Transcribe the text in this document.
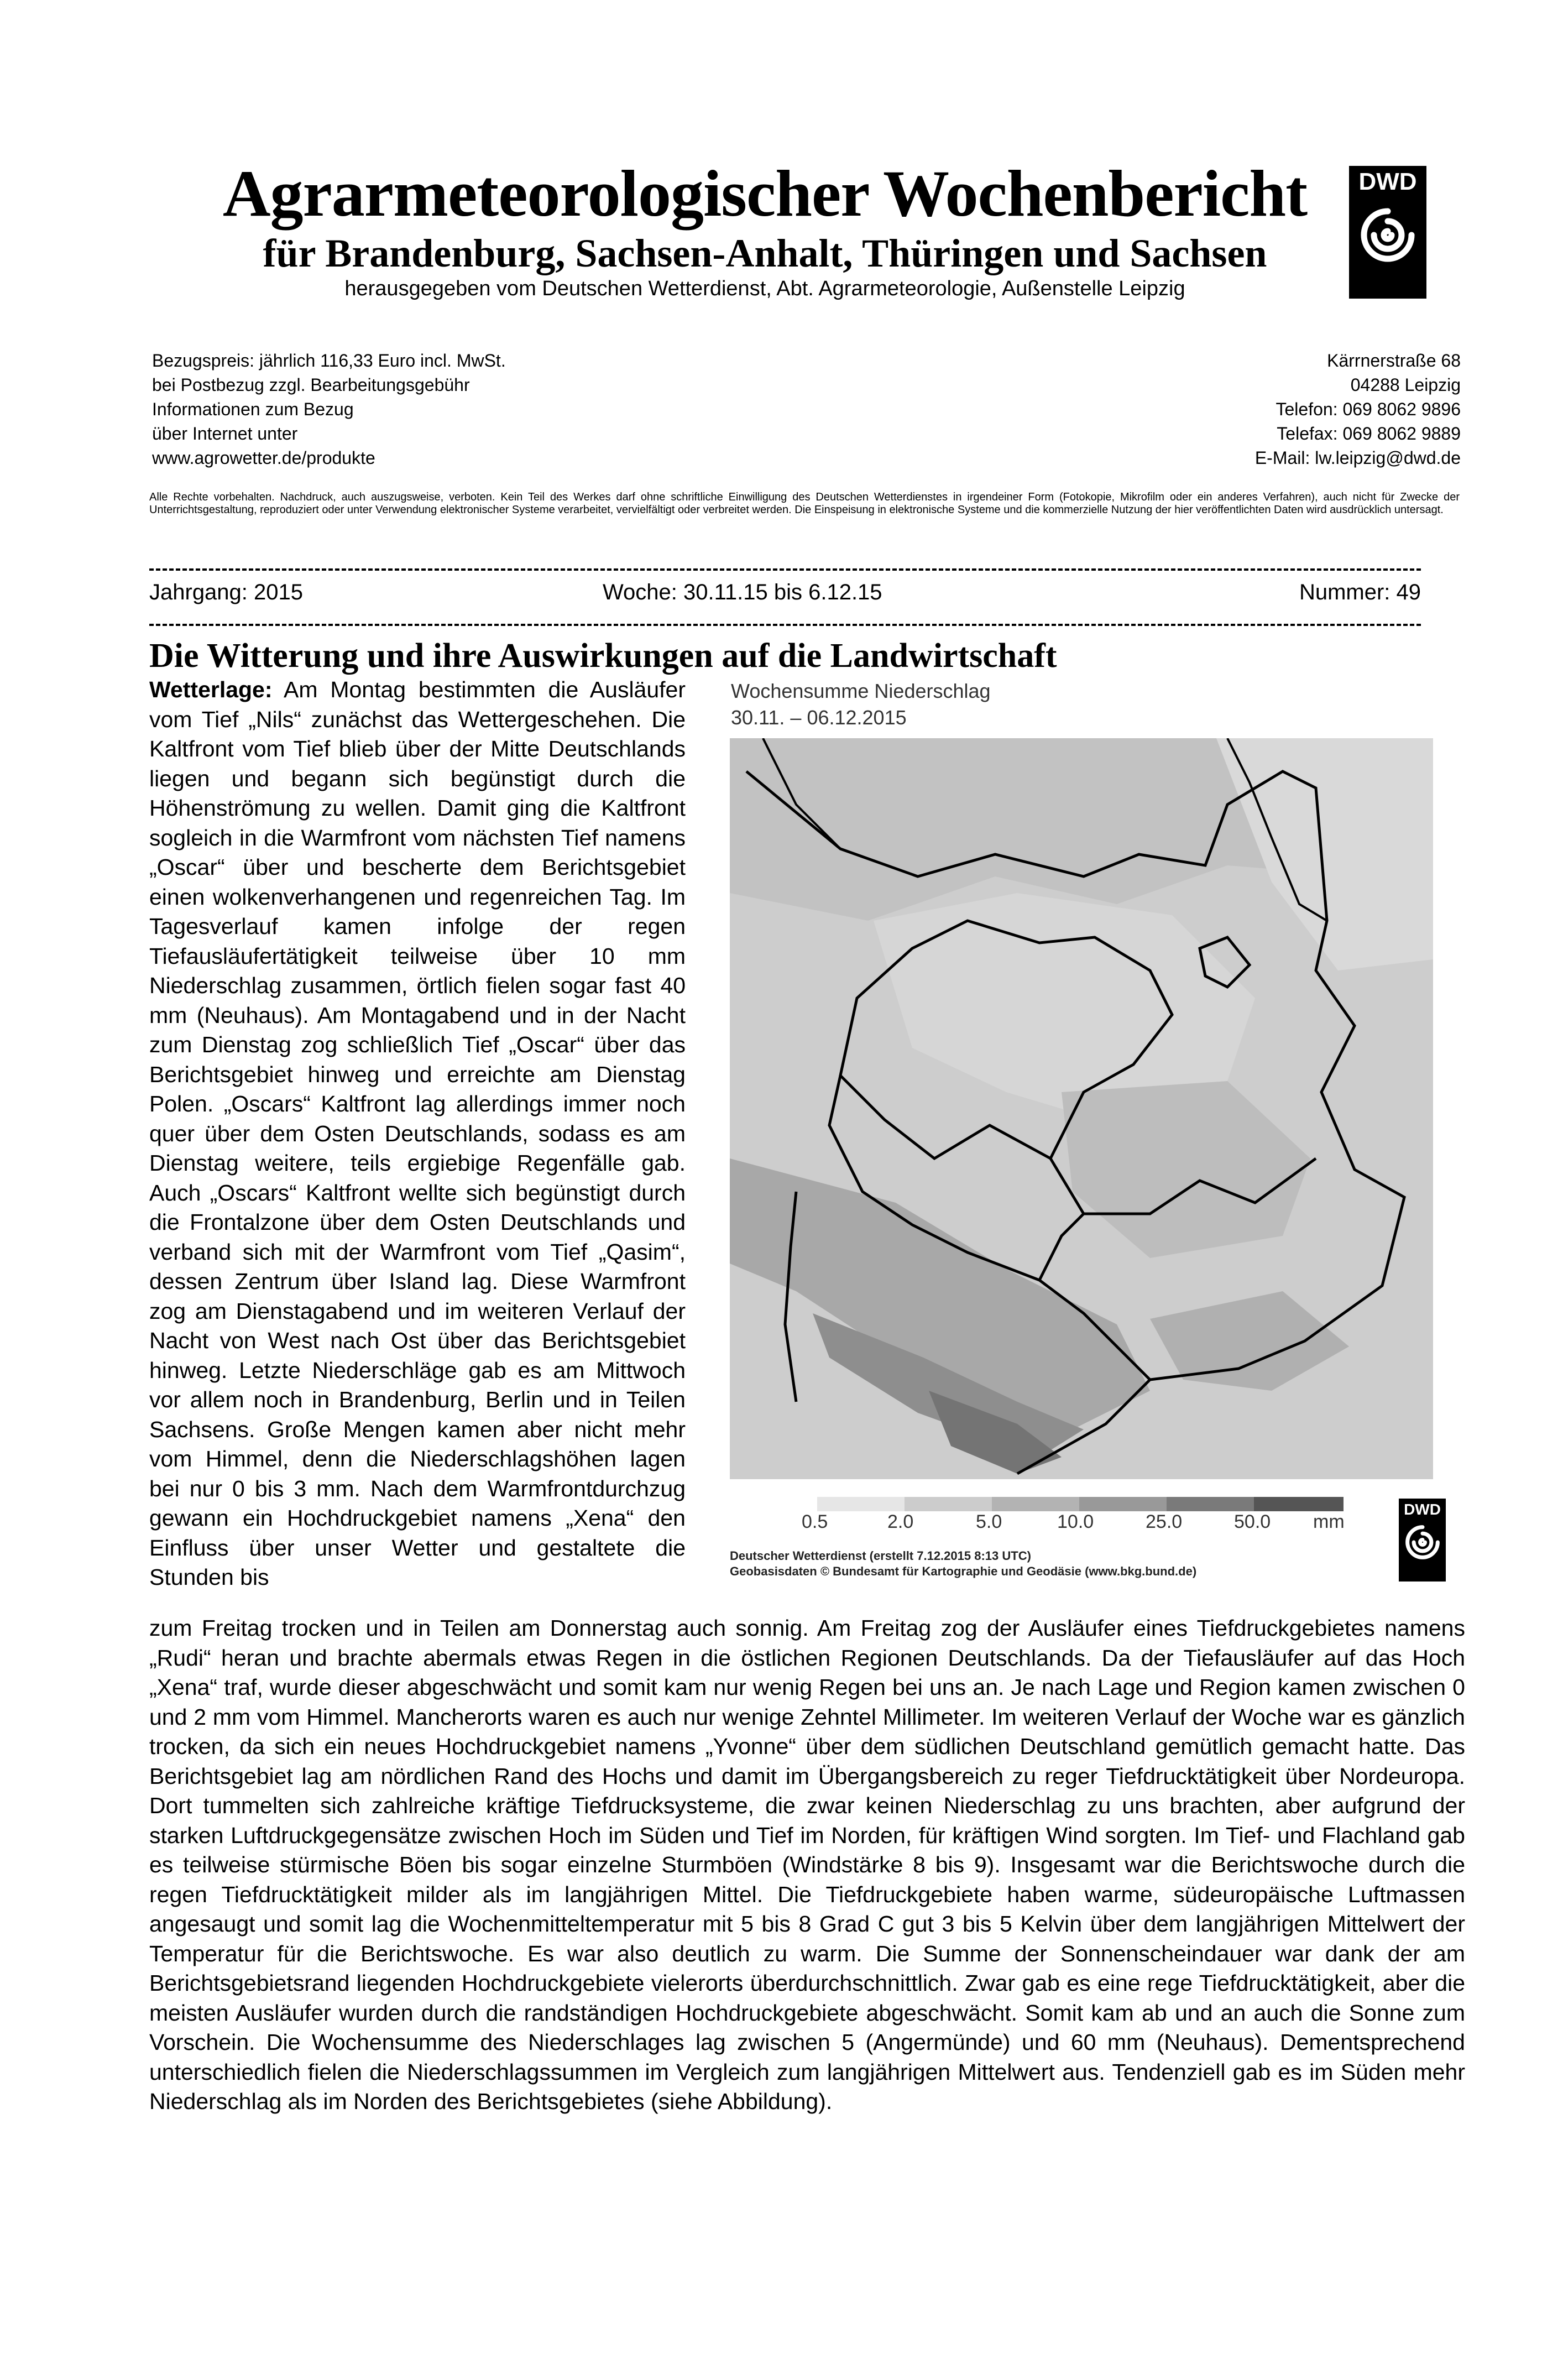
Agrarmeteorologischer Wochenbericht
für Brandenburg, Sachsen-Anhalt, Thüringen und Sachsen
herausgegeben vom Deutschen Wetterdienst, Abt. Agrarmeteorologie, Außenstelle Leipzig
DWD
Bezugspreis: jährlich 116,33 Euro incl. MwSt.
bei Postbezug zzgl. Bearbeitungsgebühr
Informationen zum Bezug
über Internet unter
www.agrowetter.de/produkte
Kärrnerstraße 68
04288 Leipzig
Telefon: 069 8062 9896
Telefax: 069 8062 9889
E-Mail: lw.leipzig@dwd.de
Alle Rechte vorbehalten. Nachdruck, auch auszugsweise, verboten. Kein Teil des Werkes darf ohne schriftliche Einwilligung des Deutschen Wetterdienstes in irgendeiner Form (Fotokopie, Mikrofilm oder ein anderes Verfahren), auch nicht für Zwecke der Unterrichtsgestaltung, reproduziert oder unter Verwendung elektronischer Systeme verarbeitet, vervielfältigt oder verbreitet werden. Die Einspeisung in elektronische Systeme und die kommerzielle Nutzung der hier veröffentlichten Daten wird ausdrücklich untersagt.
Jahrgang: 2015	Woche: 30.11.15 bis 6.12.15	Nummer: 49
Die Witterung und ihre Auswirkungen auf die Landwirtschaft
Wetterlage: Am Montag bestimmten die Ausläufer vom Tief „Nils“ zunächst das Wettergeschehen. Die Kaltfront vom Tief blieb über der Mitte Deutschlands liegen und begann sich begünstigt durch die Höhenströmung zu wellen. Damit ging die Kaltfront sogleich in die Warmfront vom nächsten Tief namens „Oscar“ über und bescherte dem Berichtsgebiet einen wolkenverhangenen und regenreichen Tag. Im Tagesverlauf kamen infolge der regen Tiefausläufertätigkeit teilweise über 10 mm Niederschlag zusammen, örtlich fielen sogar fast 40 mm (Neuhaus). Am Montagabend und in der Nacht zum Dienstag zog schließlich Tief „Oscar“ über das Berichtsgebiet hinweg und erreichte am Dienstag Polen. „Oscars“ Kaltfront lag allerdings immer noch quer über dem Osten Deutschlands, sodass es am Dienstag weitere, teils ergiebige Regenfälle gab. Auch „Oscars“ Kaltfront wellte sich begünstigt durch die Frontalzone über dem Osten Deutschlands und verband sich mit der Warmfront vom Tief „Qasim“, dessen Zentrum über Island lag. Diese Warmfront zog am Dienstagabend und im weiteren Verlauf der Nacht von West nach Ost über das Berichtsgebiet hinweg. Letzte Niederschläge gab es am Mittwoch vor allem noch in Brandenburg, Berlin und in Teilen Sachsens. Große Mengen kamen aber nicht mehr vom Himmel, denn die Niederschlagshöhen lagen bei nur 0 bis 3 mm. Nach dem Warmfrontdurchzug gewann ein Hochdruckgebiet namens „Xena“ den Einfluss über unser Wetter und gestaltete die Stunden bis
Wochensumme Niederschlag
30.11. – 06.12.2015
0.5	2.0	5.0	10.0	25.0	50.0 mm
Deutscher Wetterdienst (erstellt 7.12.2015 8:13 UTC)
Geobasisdaten © Bundesamt für Kartographie und Geodäsie (www.bkg.bund.de)
DWD
zum Freitag trocken und in Teilen am Donnerstag auch sonnig. Am Freitag zog der Ausläufer eines Tiefdruckgebietes namens „Rudi“ heran und brachte abermals etwas Regen in die östlichen Regionen Deutschlands. Da der Tiefausläufer auf das Hoch „Xena“ traf, wurde dieser abgeschwächt und somit kam nur wenig Regen bei uns an. Je nach Lage und Region kamen zwischen 0 und 2 mm vom Himmel. Mancherorts waren es auch nur wenige Zehntel Millimeter. Im weiteren Verlauf der Woche war es gänzlich trocken, da sich ein neues Hochdruckgebiet namens „Yvonne“ über dem südlichen Deutschland gemütlich gemacht hatte. Das Berichtsgebiet lag am nördlichen Rand des Hochs und damit im Übergangsbereich zu reger Tiefdrucktätigkeit über Nordeuropa. Dort tummelten sich zahlreiche kräftige Tiefdrucksysteme, die zwar keinen Niederschlag zu uns brachten, aber aufgrund der starken Luftdruckgegensätze zwischen Hoch im Süden und Tief im Norden, für kräftigen Wind sorgten. Im Tief- und Flachland gab es teilweise stürmische Böen bis sogar einzelne Sturmböen (Windstärke 8 bis 9). Insgesamt war die Berichtswoche durch die regen Tiefdrucktätigkeit milder als im langjährigen Mittel. Die Tiefdruckgebiete haben warme, südeuropäische Luftmassen angesaugt und somit lag die Wochenmitteltemperatur mit 5 bis 8 Grad C gut 3 bis 5 Kelvin über dem langjährigen Mittelwert der Temperatur für die Berichtswoche. Es war also deutlich zu warm. Die Summe der Sonnenscheindauer war dank der am Berichtsgebietsrand liegenden Hochdruckgebiete vielerorts überdurchschnittlich. Zwar gab es eine rege Tiefdrucktätigkeit, aber die meisten Ausläufer wurden durch die randständigen Hochdruckgebiete abgeschwächt. Somit kam ab und an auch die Sonne zum Vorschein. Die Wochensumme des Niederschlages lag zwischen 5 (Angermünde) und 60 mm (Neuhaus). Dementsprechend unterschiedlich fielen die Niederschlagssummen im Vergleich zum langjährigen Mittelwert aus. Tendenziell gab es im Süden mehr Niederschlag als im Norden des Berichtsgebietes (siehe Abbildung).
